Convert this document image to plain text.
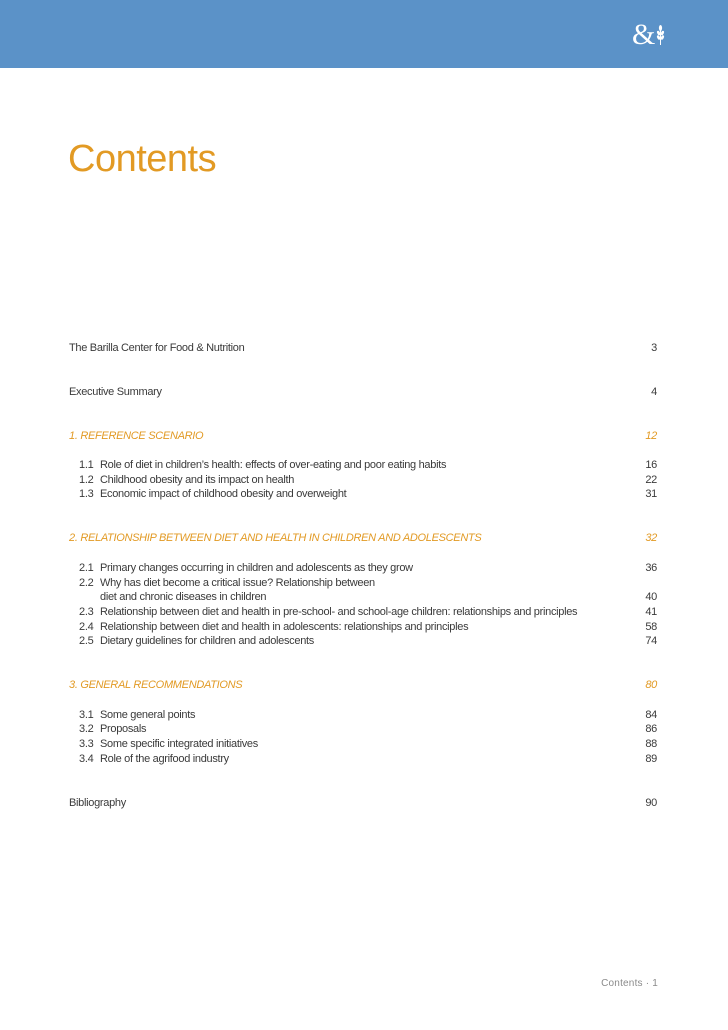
&
Contents
The Barilla Center for Food & Nutrition	3
Executive Summary	4
1. REFERENCE SCENARIO	12
1.1 Role of diet in children’s health: effects of over-eating and poor eating habits	16
1.2 Childhood obesity and its impact on health	22
1.3 Economic impact of childhood obesity and overweight	31
2. RELATIONSHIP BETWEEN DIET AND HEALTH IN CHILDREN AND ADOLESCENTS	32
2.1 Primary changes occurring in children and adolescents as they grow	36
2.2 Why has diet become a critical issue? Relationship between
diet and chronic diseases in children	40
2.3 Relationship between diet and health in pre-school- and school-age children: relationships and principles	41
2.4 Relationship between diet and health in adolescents: relationships and principles	58
2.5 Dietary guidelines for children and adolescents	74
3. GENERAL RECOMMENDATIONS	80
3.1 Some general points	84
3.2 Proposals	86
3.3 Some specific integrated initiatives	88
3.4 Role of the agrifood industry	89
Bibliography	90
Contents · 1
